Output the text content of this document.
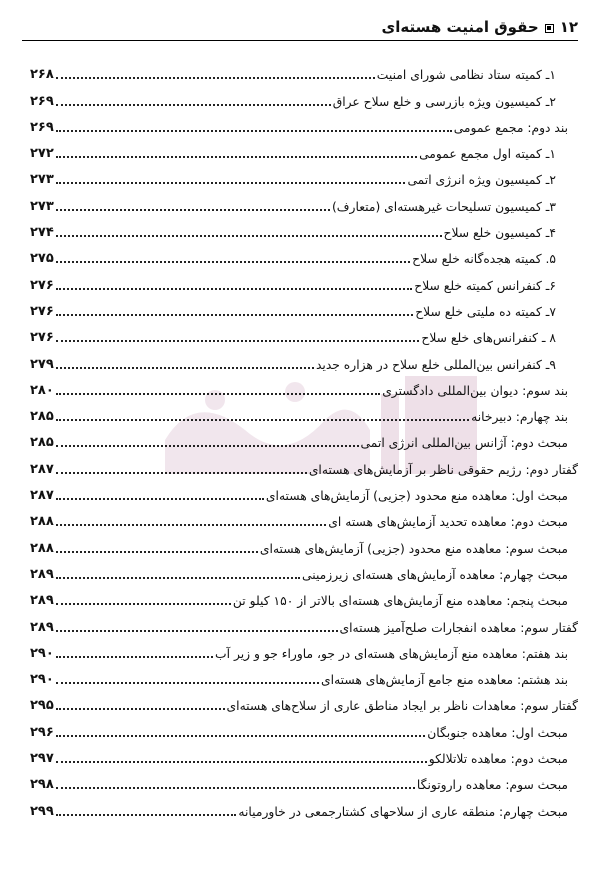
۱۲
حقوق امنیت هسته‌ای
۱ـ کمیته ستاد نظامی شورای امنیت
۲۶۸
۲ـ کمیسیون ویژه بازرسی و خلع سلاح عراق
۲۶۹
بند دوم: مجمع عمومی
۲۶۹
۱ـ کمیته اول مجمع عمومی
۲۷۲
۲ـ کمیسیون ویژه انرژی اتمی
۲۷۳
۳ـ کمیسیون تسلیحات غیرهسته‌ای (متعارف)
۲۷۳
۴ـ کمیسیون خلع سلاح
۲۷۴
۵. کمیته هجده‌گانه خلع سلاح
۲۷۵
۶ـ کنفرانس کمیته خلع سلاح
۲۷۶
۷ـ کمیته ده ملیتی خلع سلاح
۲۷۶
۸ ـ کنفرانس‌های خلع سلاح
۲۷۶
۹ـ کنفرانس بین‌المللی خلع سلاح در هزاره جدید
۲۷۹
بند سوم: دیوان بین‌المللی دادگستری
۲۸۰
بند چهارم: دبیرخانه
۲۸۵
مبحث دوم: آژانس بین‌المللی انرژی اتمی
۲۸۵
گفتار دوم: رژیم حقوقی ناظر بر آزمایش‌های هسته‌ای
۲۸۷
مبحث اول: معاهده منع محدود (جزیی) آزمایش‌های هسته‌ای
۲۸۷
مبحث دوم: معاهده تحدید آزمایش‌های هسته ای
۲۸۸
مبحث سوم: معاهده منع محدود (جزیی) آزمایش‌های هسته‌ای
۲۸۸
مبحث چهارم: معاهده آزمایش‌های هسته‌ای زیرزمینی
۲۸۹
مبحث پنجم: معاهده منع آزمایش‌های هسته‌ای بالاتر از ۱۵۰ کیلو تن
۲۸۹
گفتار سوم: معاهده انفجارات صلح‌آمیز هسته‌ای
۲۸۹
بند هفتم: معاهده منع آزمایش‌های هسته‌ای در جو، ماوراء جو و زیر آب
۲۹۰
بند هشتم: معاهده منع جامع آزمایش‌های هسته‌ای
۲۹۰
گفتار سوم: معاهدات ناظر بر ایجاد مناطق عاری از سلاح‌های هسته‌ای
۲۹۵
مبحث اول: معاهده جنوبگان
۲۹۶
مبحث دوم: معاهده تلاتلالکو
۲۹۷
مبحث سوم: معاهده راروتونگا
۲۹۸
مبحث چهارم: منطقه عاری از سلاحهای کشتارجمعی در خاورمیانه
۲۹۹
